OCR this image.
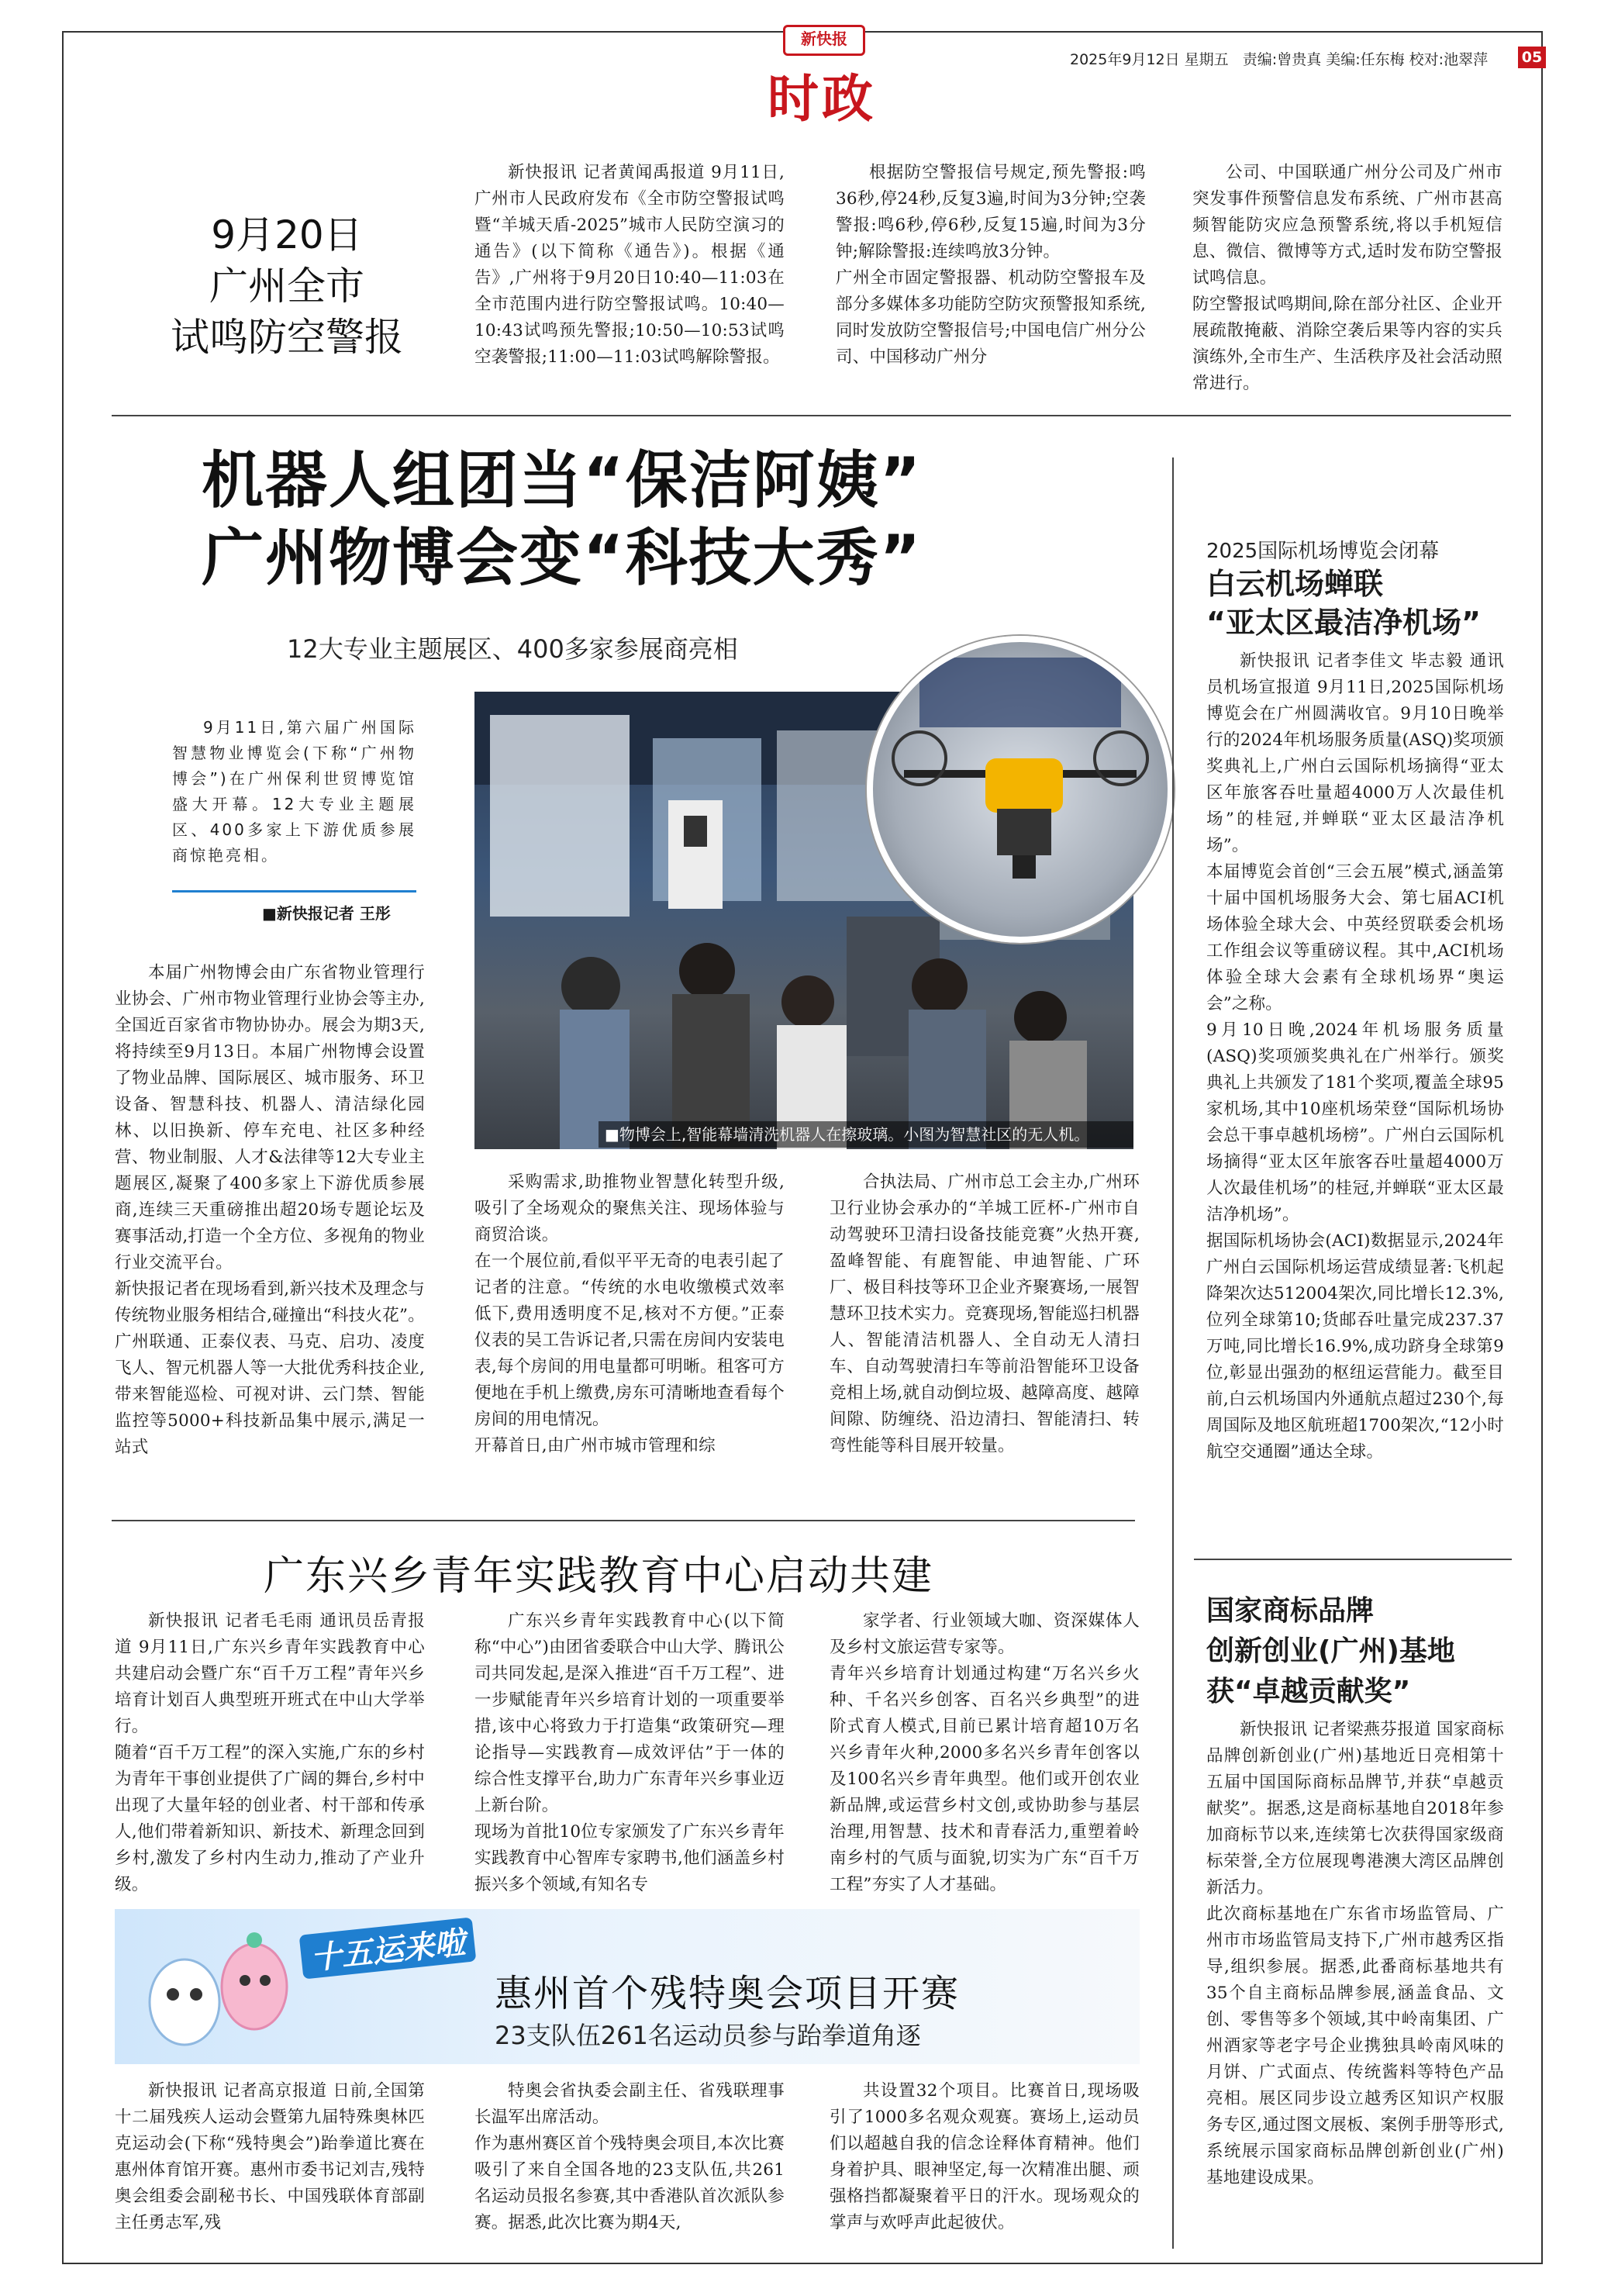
新快报
时政
2025年9月12日 星期五 责编:曾贵真 美编:任东梅 校对:池翠萍 05
9月20日
广州全市
试鸣防空警报
新快报讯 记者黄闻禹报道 9月11日,广州市人民政府发布《全市防空警报试鸣暨“羊城天盾-2025”城市人民防空演习的通告》(以下简称《通告》)。根据《通告》,广州将于9月20日10:40—11:03在全市范围内进行防空警报试鸣。10:40—10:43试鸣预先警报;10:50—10:53试鸣空袭警报;11:00—11:03试鸣解除警报。
根据防空警报信号规定,预先警报:鸣36秒,停24秒,反复3遍,时间为3分钟;空袭警报:鸣6秒,停6秒,反复15遍,时间为3分钟;解除警报:连续鸣放3分钟。
广州全市固定警报器、机动防空警报车及部分多媒体多功能防空防灾预警报知系统,同时发放防空警报信号;中国电信广州分公司、中国移动广州分
公司、中国联通广州分公司及广州市突发事件预警信息发布系统、广州市甚高频智能防灾应急预警系统,将以手机短信息、微信、微博等方式,适时发布防空警报试鸣信息。
防空警报试鸣期间,除在部分社区、企业开展疏散掩蔽、消除空袭后果等内容的实兵演练外,全市生产、生活秩序及社会活动照常进行。
机器人组团当“保洁阿姨”
广州物博会变“科技大秀”
12大专业主题展区、400多家参展商亮相
9月11日,第六届广州国际智慧物业博览会(下称“广州物博会”)在广州保利世贸博览馆盛大开幕。12大专业主题展区、400多家上下游优质参展商惊艳亮相。
■新快报记者 王彤
■物博会上,智能幕墙清洗机器人在擦玻璃。小图为智慧社区的无人机。
本届广州物博会由广东省物业管理行业协会、广州市物业管理行业协会等主办,全国近百家省市物协协办。展会为期3天,将持续至9月13日。本届广州物博会设置了物业品牌、国际展区、城市服务、环卫设备、智慧科技、机器人、清洁绿化园林、以旧换新、停车充电、社区多种经营、物业制服、人才&法律等12大专业主题展区,凝聚了400多家上下游优质参展商,连续三天重磅推出超20场专题论坛及赛事活动,打造一个全方位、多视角的物业行业交流平台。
新快报记者在现场看到,新兴技术及理念与传统物业服务相结合,碰撞出“科技火花”。广州联通、正泰仪表、马克、启功、凌度飞人、智元机器人等一大批优秀科技企业,带来智能巡检、可视对讲、云门禁、智能监控等5000+科技新品集中展示,满足一站式
采购需求,助推物业智慧化转型升级,吸引了全场观众的聚焦关注、现场体验与商贸洽谈。
在一个展位前,看似平平无奇的电表引起了记者的注意。“传统的水电收缴模式效率低下,费用透明度不足,核对不方便。”正泰仪表的吴工告诉记者,只需在房间内安装电表,每个房间的用电量都可明晰。租客可方便地在手机上缴费,房东可清晰地查看每个房间的用电情况。
开幕首日,由广州市城市管理和综
合执法局、广州市总工会主办,广州环卫行业协会承办的“羊城工匠杯-广州市自动驾驶环卫清扫设备技能竞赛”火热开赛,盈峰智能、有鹿智能、申迪智能、广环厂、极目科技等环卫企业齐聚赛场,一展智慧环卫技术实力。竞赛现场,智能巡扫机器人、智能清洁机器人、全自动无人清扫车、自动驾驶清扫车等前沿智能环卫设备竞相上场,就自动倒垃圾、越障高度、越障间隙、防缠绕、沿边清扫、智能清扫、转弯性能等科目展开较量。
2025国际机场博览会闭幕
白云机场蝉联
“亚太区最洁净机场”
新快报讯 记者李佳文 毕志毅 通讯员机场宣报道 9月11日,2025国际机场博览会在广州圆满收官。9月10日晚举行的2024年机场服务质量(ASQ)奖项颁奖典礼上,广州白云国际机场摘得“亚太区年旅客吞吐量超4000万人次最佳机场”的桂冠,并蝉联“亚太区最洁净机场”。
本届博览会首创“三会五展”模式,涵盖第十届中国机场服务大会、第七届ACI机场体验全球大会、中英经贸联委会机场工作组会议等重磅议程。其中,ACI机场体验全球大会素有全球机场界“奥运会”之称。
9月10日晚,2024年机场服务质量(ASQ)奖项颁奖典礼在广州举行。颁奖典礼上共颁发了181个奖项,覆盖全球95家机场,其中10座机场荣登“国际机场协会总干事卓越机场榜”。广州白云国际机场摘得“亚太区年旅客吞吐量超4000万人次最佳机场”的桂冠,并蝉联“亚太区最洁净机场”。
据国际机场协会(ACI)数据显示,2024年广州白云国际机场运营成绩显著:飞机起降架次达512004架次,同比增长12.3%,位列全球第10;货邮吞吐量完成237.37万吨,同比增长16.9%,成功跻身全球第9位,彰显出强劲的枢纽运营能力。截至目前,白云机场国内外通航点超过230个,每周国际及地区航班超1700架次,“12小时航空交通圈”通达全球。
国家商标品牌
创新创业(广州)基地
获“卓越贡献奖”
新快报讯 记者梁燕芬报道 国家商标品牌创新创业(广州)基地近日亮相第十五届中国国际商标品牌节,并获“卓越贡献奖”。据悉,这是商标基地自2018年参加商标节以来,连续第七次获得国家级商标荣誉,全方位展现粤港澳大湾区品牌创新活力。
此次商标基地在广东省市场监管局、广州市市场监管局支持下,广州市越秀区指导,组织参展。据悉,此番商标基地共有35个自主商标品牌参展,涵盖食品、文创、零售等多个领域,其中岭南集团、广州酒家等老字号企业携独具岭南风味的月饼、广式面点、传统酱料等特色产品亮相。展区同步设立越秀区知识产权服务专区,通过图文展板、案例手册等形式,系统展示国家商标品牌创新创业(广州)基地建设成果。
广东兴乡青年实践教育中心启动共建
新快报讯 记者毛毛雨 通讯员岳青报道 9月11日,广东兴乡青年实践教育中心共建启动会暨广东“百千万工程”青年兴乡培育计划百人典型班开班式在中山大学举行。
随着“百千万工程”的深入实施,广东的乡村为青年干事创业提供了广阔的舞台,乡村中出现了大量年轻的创业者、村干部和传承人,他们带着新知识、新技术、新理念回到乡村,激发了乡村内生动力,推动了产业升级。
广东兴乡青年实践教育中心(以下简称“中心”)由团省委联合中山大学、腾讯公司共同发起,是深入推进“百千万工程”、进一步赋能青年兴乡培育计划的一项重要举措,该中心将致力于打造集“政策研究—理论指导—实践教育—成效评估”于一体的综合性支撑平台,助力广东青年兴乡事业迈上新台阶。
现场为首批10位专家颁发了广东兴乡青年实践教育中心智库专家聘书,他们涵盖乡村振兴多个领域,有知名专
家学者、行业领域大咖、资深媒体人及乡村文旅运营专家等。
青年兴乡培育计划通过构建“万名兴乡火种、千名兴乡创客、百名兴乡典型”的进阶式育人模式,目前已累计培育超10万名兴乡青年火种,2000多名兴乡青年创客以及100名兴乡青年典型。他们或开创农业新品牌,或运营乡村文创,或协助参与基层治理,用智慧、技术和青春活力,重塑着岭南乡村的气质与面貌,切实为广东“百千万工程”夯实了人才基础。
十五运来啦
惠州首个残特奥会项目开赛
23支队伍261名运动员参与跆拳道角逐
新快报讯 记者高京报道 日前,全国第十二届残疾人运动会暨第九届特殊奥林匹克运动会(下称“残特奥会”)跆拳道比赛在惠州体育馆开赛。惠州市委书记刘吉,残特奥会组委会副秘书长、中国残联体育部副主任勇志军,残
特奥会省执委会副主任、省残联理事长温军出席活动。
作为惠州赛区首个残特奥会项目,本次比赛吸引了来自全国各地的23支队伍,共261名运动员报名参赛,其中香港队首次派队参赛。据悉,此次比赛为期4天,
共设置32个项目。比赛首日,现场吸引了1000多名观众观赛。赛场上,运动员们以超越自我的信念诠释体育精神。他们身着护具、眼神坚定,每一次精准出腿、顽强格挡都凝聚着平日的汗水。现场观众的掌声与欢呼声此起彼伏。
